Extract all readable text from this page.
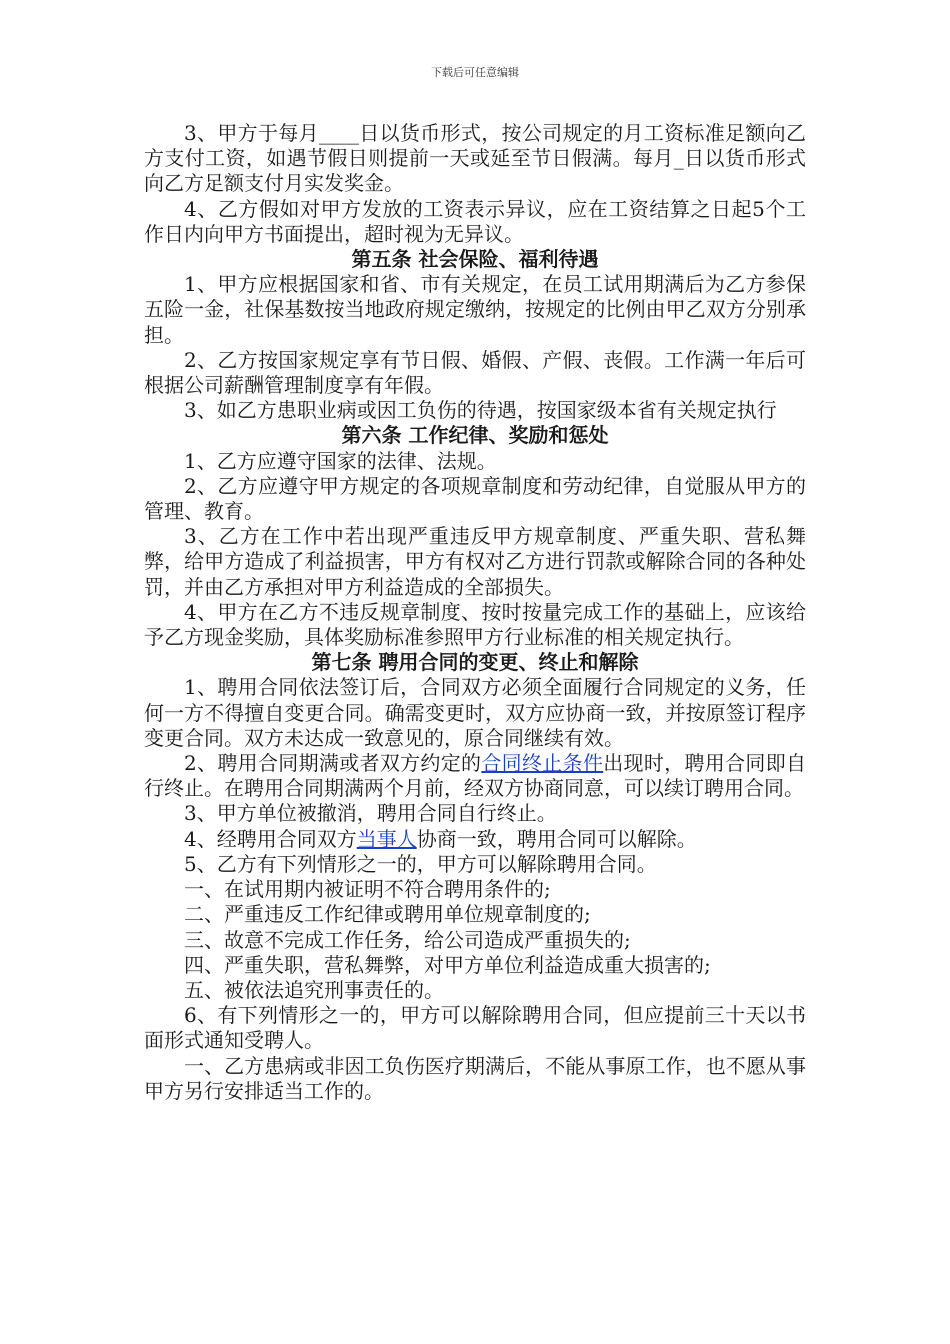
下载后可任意编辑

3、甲方于每月____日以货币形式，按公司规定的月工资标准足额向乙方支付工资，如遇节假日则提前一天或延至节日假满。每月_日以货币形式向乙方足额支付月实发奖金。

4、乙方假如对甲方发放的工资表示异议，应在工资结算之日起5个工作日内向甲方书面提出，超时视为无异议。

第五条 社会保险、福利待遇

1、甲方应根据国家和省、市有关规定，在员工试用期满后为乙方参保五险一金，社保基数按当地政府规定缴纳，按规定的比例由甲乙双方分别承担。

2、乙方按国家规定享有节日假、婚假、产假、丧假。工作满一年后可根据公司薪酬管理制度享有年假。

3、如乙方患职业病或因工负伤的待遇，按国家级本省有关规定执行

第六条 工作纪律、奖励和惩处

1、乙方应遵守国家的法律、法规。

2、乙方应遵守甲方规定的各项规章制度和劳动纪律，自觉服从甲方的管理、教育。

3、乙方在工作中若出现严重违反甲方规章制度、严重失职、营私舞弊，给甲方造成了利益损害，甲方有权对乙方进行罚款或解除合同的各种处罚，并由乙方承担对甲方利益造成的全部损失。

4、甲方在乙方不违反规章制度、按时按量完成工作的基础上，应该给予乙方现金奖励，具体奖励标准参照甲方行业标准的相关规定执行。

第七条 聘用合同的变更、终止和解除

1、聘用合同依法签订后，合同双方必须全面履行合同规定的义务，任何一方不得擅自变更合同。确需变更时，双方应协商一致，并按原签订程序变更合同。双方未达成一致意见的，原合同继续有效。

2、聘用合同期满或者双方约定的合同终止条件出现时，聘用合同即自行终止。在聘用合同期满两个月前，经双方协商同意，可以续订聘用合同。

3、甲方单位被撤消，聘用合同自行终止。

4、经聘用合同双方当事人协商一致，聘用合同可以解除。

5、乙方有下列情形之一的，甲方可以解除聘用合同。

一、在试用期内被证明不符合聘用条件的;

二、严重违反工作纪律或聘用单位规章制度的;

三、故意不完成工作任务，给公司造成严重损失的;

四、严重失职，营私舞弊，对甲方单位利益造成重大损害的;

五、被依法追究刑事责任的。

6、有下列情形之一的，甲方可以解除聘用合同，但应提前三十天以书面形式通知受聘人。

一、乙方患病或非因工负伤医疗期满后，不能从事原工作，也不愿从事甲方另行安排适当工作的。
